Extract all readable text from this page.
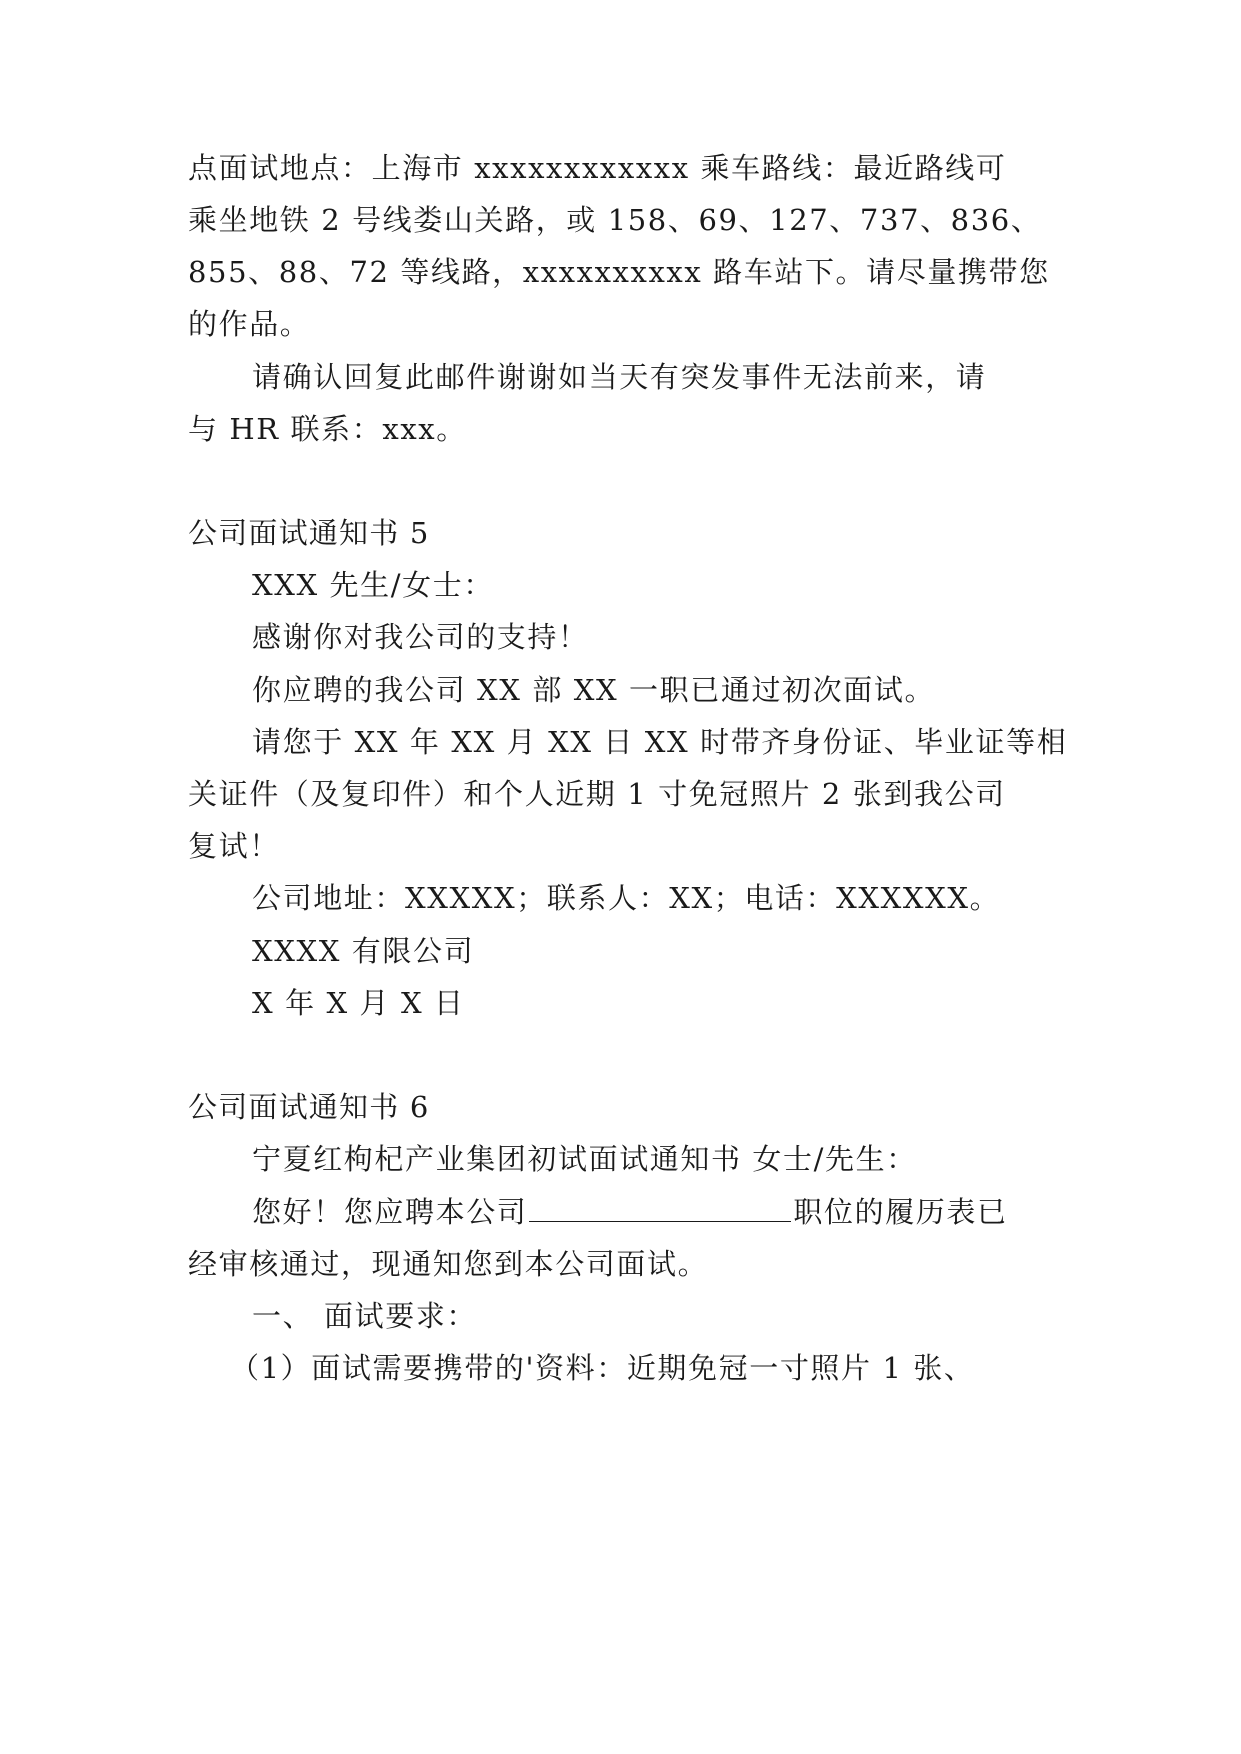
点面试地点：上海市 xxxxxxxxxxxx 乘车路线：最近路线可
乘坐地铁 2 号线娄山关路，或 158、69、127、737、836、
855、88、72 等线路，xxxxxxxxxx 路车站下。请尽量携带您
的作品。
请确认回复此邮件谢谢如当天有突发事件无法前来，请
与 HR 联系：xxx。
公司面试通知书 5
XXX 先生/女士：
感谢你对我公司的支持！
你应聘的我公司 XX 部 XX 一职已通过初次面试。
请您于 XX 年 XX 月 XX 日 XX 时带齐身份证、毕业证等相
关证件（及复印件）和个人近期 1 寸免冠照片 2 张到我公司
复试！
公司地址：XXXXX；联系人：XX；电话：XXXXXX。
XXXX 有限公司
X 年 X 月 X 日
公司面试通知书 6
宁夏红枸杞产业集团初试面试通知书 女士/先生：
您好！您应聘本公司	职位的履历表已
经审核通过，现通知您到本公司面试。
一、 面试要求：
（1）面试需要携带的'资料：近期免冠一寸照片 1 张、
